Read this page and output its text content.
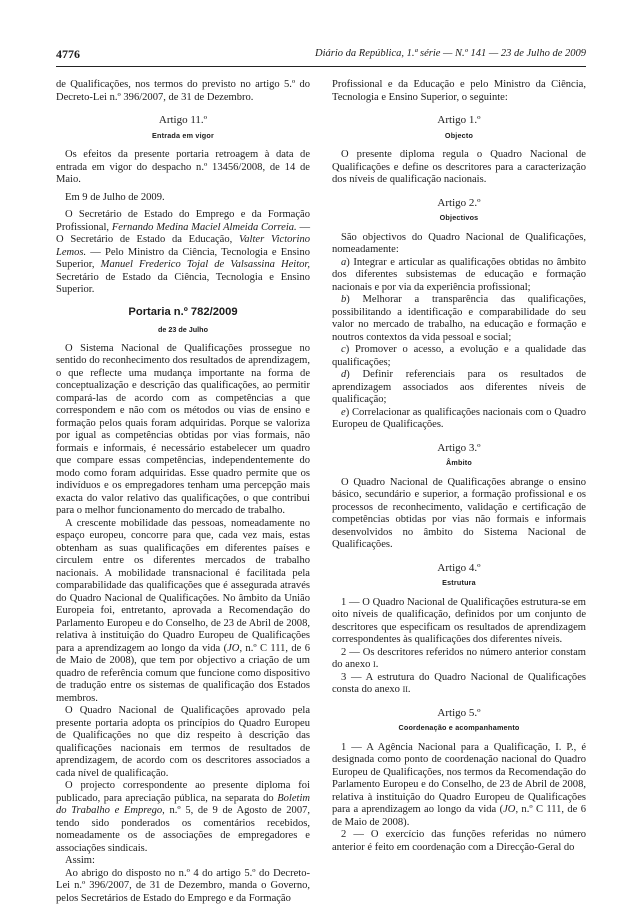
4776	Diário da República, 1.ª série — N.º 141 — 23 de Julho de 2009

de Qualificações, nos termos do previsto no artigo 5.º do Decreto-Lei n.º 396/2007, de 31 de Dezembro.

Artigo 11.º
Entrada em vigor

Os efeitos da presente portaria retroagem à data de entrada em vigor do despacho n.º 13456/2008, de 14 de Maio.

Em 9 de Julho de 2009.

O Secretário de Estado do Emprego e da Formação Profissional, Fernando Medina Maciel Almeida Correia. — O Secretário de Estado da Educação, Valter Victorino Lemos. — Pelo Ministro da Ciência, Tecnologia e Ensino Superior, Manuel Frederico Tojal de Valsassina Heitor, Secretário de Estado da Ciência, Tecnologia e Ensino Superior.

Portaria n.º 782/2009
de 23 de Julho

O Sistema Nacional de Qualificações prossegue no sentido do reconhecimento dos resultados de aprendizagem, o que reflecte uma mudança importante na forma de conceptualização e descrição das qualificações, ao permitir compará-las de acordo com as competências a que correspondem e não com os métodos ou vias de ensino e formação pelos quais foram adquiridas. Porque se valoriza por igual as competências obtidas por vias formais, não formais e informais, é necessário estabelecer um quadro que compare essas competências, independentemente do modo como foram adquiridas. Esse quadro permite que os indivíduos e os empregadores tenham uma percepção mais exacta do valor relativo das qualificações, o que contribui para o melhor funcionamento do mercado de trabalho.

A crescente mobilidade das pessoas, nomeadamente no espaço europeu, concorre para que, cada vez mais, estas obtenham as suas qualificações em diferentes países e circulem entre os diferentes mercados de trabalho nacionais. A mobilidade transnacional é facilitada pela comparabilidade das qualificações que é assegurada através do Quadro Nacional de Qualificações. No âmbito da União Europeia foi, entretanto, aprovada a Recomendação do Parlamento Europeu e do Conselho, de 23 de Abril de 2008, relativa à instituição do Quadro Europeu de Qualificações para a aprendizagem ao longo da vida (JO, n.º C 111, de 6 de Maio de 2008), que tem por objectivo a criação de um quadro de referência comum que funcione como dispositivo de tradução entre os sistemas de qualificação dos Estados membros.

O Quadro Nacional de Qualificações aprovado pela presente portaria adopta os princípios do Quadro Europeu de Qualificações no que diz respeito à descrição das qualificações nacionais em termos de resultados de aprendizagem, de acordo com os descritores associados a cada nível de qualificação.

O projecto correspondente ao presente diploma foi publicado, para apreciação pública, na separata do Boletim do Trabalho e Emprego, n.º 5, de 9 de Agosto de 2007, tendo sido ponderados os comentários recebidos, nomeadamente os de associações de empregadores e associações sindicais.

Assim:

Ao abrigo do disposto no n.º 4 do artigo 5.º do Decreto-Lei n.º 396/2007, de 31 de Dezembro, manda o Governo, pelos Secretários de Estado do Emprego e da Formação

Profissional e da Educação e pelo Ministro da Ciência, Tecnologia e Ensino Superior, o seguinte:

Artigo 1.º
Objecto

O presente diploma regula o Quadro Nacional de Qualificações e define os descritores para a caracterização dos níveis de qualificação nacionais.

Artigo 2.º
Objectivos

São objectivos do Quadro Nacional de Qualificações, nomeadamente:

a) Integrar e articular as qualificações obtidas no âmbito dos diferentes subsistemas de educação e formação nacionais e por via da experiência profissional;

b) Melhorar a transparência das qualificações, possibilitando a identificação e comparabilidade do seu valor no mercado de trabalho, na educação e formação e noutros contextos da vida pessoal e social;

c) Promover o acesso, a evolução e a qualidade das qualificações;

d) Definir referenciais para os resultados de aprendizagem associados aos diferentes níveis de qualificação;

e) Correlacionar as qualificações nacionais com o Quadro Europeu de Qualificações.

Artigo 3.º
Âmbito

O Quadro Nacional de Qualificações abrange o ensino básico, secundário e superior, a formação profissional e os processos de reconhecimento, validação e certificação de competências obtidas por vias não formais e informais desenvolvidos no âmbito do Sistema Nacional de Qualificações.

Artigo 4.º
Estrutura

1 — O Quadro Nacional de Qualificações estrutura-se em oito níveis de qualificação, definidos por um conjunto de descritores que especificam os resultados de aprendizagem correspondentes às qualificações dos diferentes níveis.

2 — Os descritores referidos no número anterior constam do anexo I.

3 — A estrutura do Quadro Nacional de Qualificações consta do anexo II.

Artigo 5.º
Coordenação e acompanhamento

1 — A Agência Nacional para a Qualificação, I. P., é designada como ponto de coordenação nacional do Quadro Europeu de Qualificações, nos termos da Recomendação do Parlamento Europeu e do Conselho, de 23 de Abril de 2008, relativa à instituição do Quadro Europeu de Qualificações para a aprendizagem ao longo da vida (JO, n.º C 111, de 6 de Maio de 2008).

2 — O exercício das funções referidas no número anterior é feito em coordenação com a Direcção-Geral do
